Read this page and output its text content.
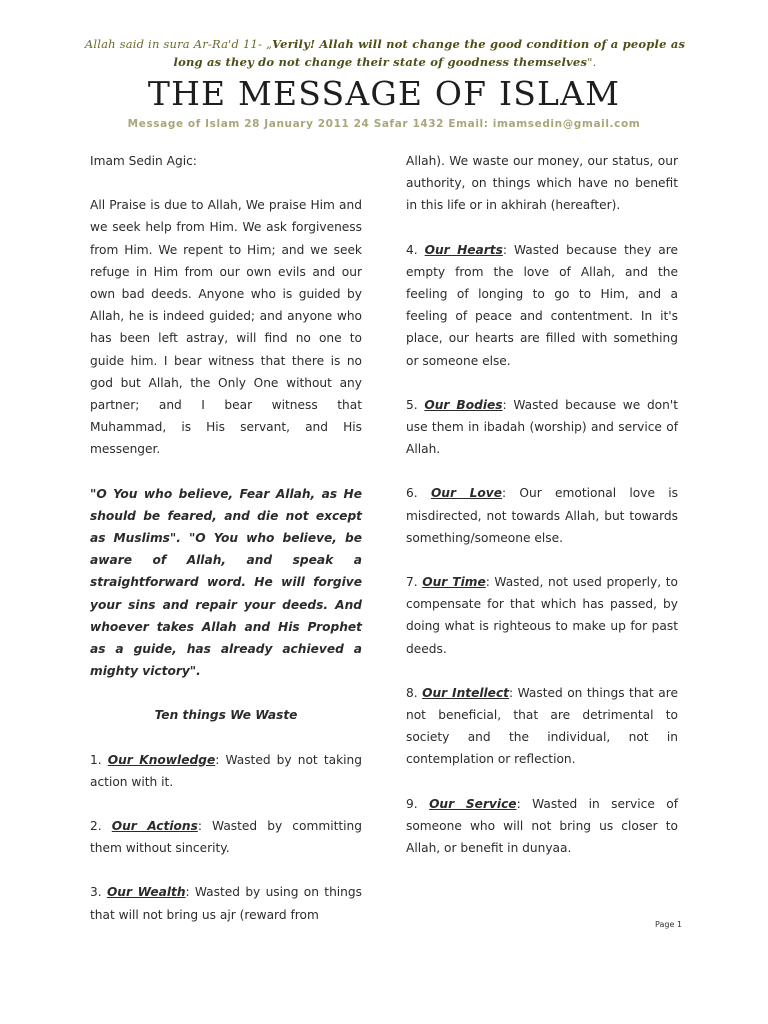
Allah said in sura Ar-Ra'd 11- „Verily! Allah will not change the good condition of a people as long as they do not change their state of goodness themselves".
THE MESSAGE OF ISLAM
Message of Islam 28 January 2011 24 Safar 1432 Email: imamsedin@gmail.com

Imam Sedin Agic:

All Praise is due to Allah, We praise Him and we seek help from Him. We ask forgiveness from Him. We repent to Him; and we seek refuge in Him from our own evils and our own bad deeds. Anyone who is guided by Allah, he is indeed guided; and anyone who has been left astray, will find no one to guide him. I bear witness that there is no god but Allah, the Only One without any partner; and I bear witness that Muhammad, is His servant, and His messenger.

"O You who believe, Fear Allah, as He should be feared, and die not except as Muslims". "O You who believe, be aware of Allah, and speak a straightforward word. He will forgive your sins and repair your deeds. And whoever takes Allah and His Prophet as a guide, has already achieved a mighty victory".

Ten things We Waste

1. Our Knowledge: Wasted by not taking action with it.

2. Our Actions: Wasted by committing them without sincerity.

3. Our Wealth: Wasted by using on things that will not bring us ajr (reward from

Allah). We waste our money, our status, our authority, on things which have no benefit in this life or in akhirah (hereafter).

4. Our Hearts: Wasted because they are empty from the love of Allah, and the feeling of longing to go to Him, and a feeling of peace and contentment. In it's place, our hearts are filled with something or someone else.

5. Our Bodies: Wasted because we don't use them in ibadah (worship) and service of Allah.

6. Our Love: Our emotional love is misdirected, not towards Allah, but towards something/someone else.

7. Our Time: Wasted, not used properly, to compensate for that which has passed, by doing what is righteous to make up for past deeds.

8. Our Intellect: Wasted on things that are not beneficial, that are detrimental to society and the individual, not in contemplation or reflection.

9. Our Service: Wasted in service of someone who will not bring us closer to Allah, or benefit in dunyaa.

Page 1
